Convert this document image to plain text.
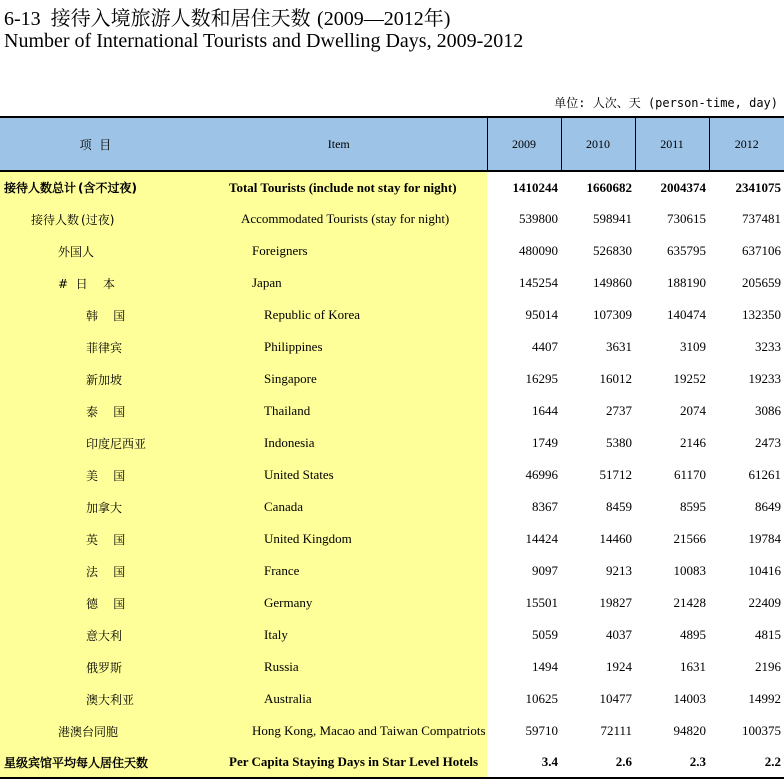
6-13 接待入境旅游人数和居住天数 (2009—2012年)
Number of International Tourists and Dwelling Days, 2009-2012
单位: 人次、天 (person-time, day)
项  目	Item	2009	2010	2011	2012
接待人数总计 (含不过夜)	Total Tourists (include not stay for night)	1410244	1660682	2004374	2341075
接待人数 (过夜)	Accommodated Tourists (stay for night)	539800	598941	730615	737481
外国人	Foreigners	480090	526830	635795	637106
#  日    本	Japan	145254	149860	188190	205659
韩    国	Republic of Korea	95014	107309	140474	132350
菲律宾	Philippines	4407	3631	3109	3233
新加坡	Singapore	16295	16012	19252	19233
泰    国	Thailand	1644	2737	2074	3086
印度尼西亚	Indonesia	1749	5380	2146	2473
美    国	United States	46996	51712	61170	61261
加拿大	Canada	8367	8459	8595	8649
英    国	United Kingdom	14424	14460	21566	19784
法    国	France	9097	9213	10083	10416
德    国	Germany	15501	19827	21428	22409
意大利	Italy	5059	4037	4895	4815
俄罗斯	Russia	1494	1924	1631	2196
澳大利亚	Australia	10625	10477	14003	14992
港澳台同胞	Hong Kong, Macao and Taiwan Compatriots	59710	72111	94820	100375
星级宾馆平均每人居住天数	Per Capita Staying Days in Star Level Hotels	3.4	2.6	2.3	2.2
